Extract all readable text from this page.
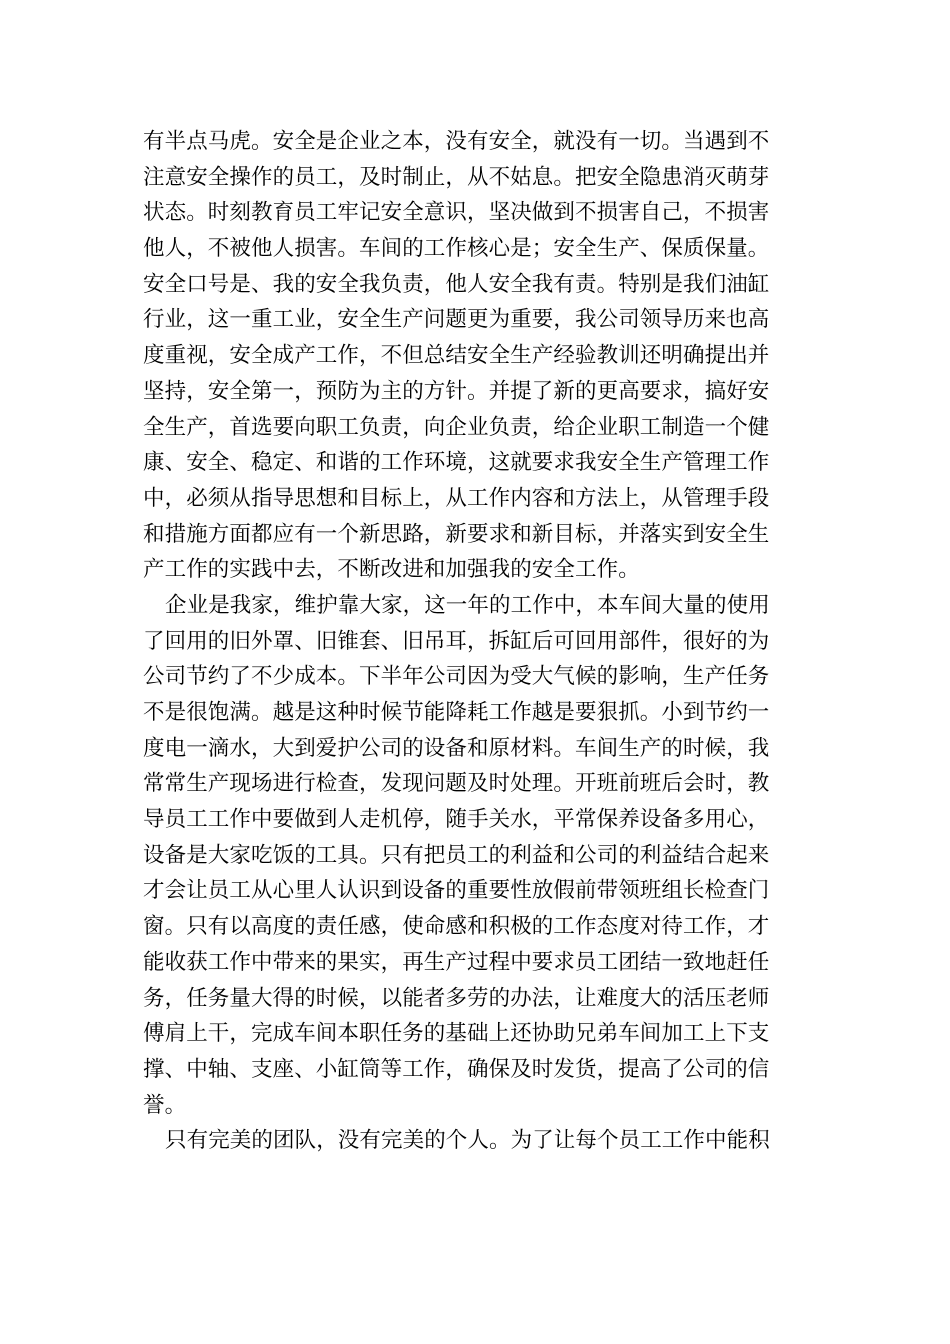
有半点马虎。安全是企业之本，没有安全，就没有一切。当遇到不
注意安全操作的员工，及时制止，从不姑息。把安全隐患消灭萌芽
状态。时刻教育员工牢记安全意识，坚决做到不损害自己，不损害
他人，不被他人损害。车间的工作核心是；安全生产、保质保量。
安全口号是、我的安全我负责，他人安全我有责。特别是我们油缸
行业，这一重工业，安全生产问题更为重要，我公司领导历来也高
度重视，安全成产工作，不但总结安全生产经验教训还明确提出并
坚持，安全第一，预防为主的方针。并提了新的更高要求，搞好安
全生产，首选要向职工负责，向企业负责，给企业职工制造一个健
康、安全、稳定、和谐的工作环境，这就要求我安全生产管理工作
中，必须从指导思想和目标上，从工作内容和方法上，从管理手段
和措施方面都应有一个新思路，新要求和新目标，并落实到安全生
产工作的实践中去，不断改进和加强我的安全工作。
企业是我家，维护靠大家，这一年的工作中，本车间大量的使用
了回用的旧外罩、旧锥套、旧吊耳，拆缸后可回用部件，很好的为
公司节约了不少成本。下半年公司因为受大气候的影响，生产任务
不是很饱满。越是这种时候节能降耗工作越是要狠抓。小到节约一
度电一滴水，大到爱护公司的设备和原材料。车间生产的时候，我
常常生产现场进行检查，发现问题及时处理。开班前班后会时，教
导员工工作中要做到人走机停，随手关水，平常保养设备多用心，
设备是大家吃饭的工具。只有把员工的利益和公司的利益结合起来
才会让员工从心里人认识到设备的重要性放假前带领班组长检查门
窗。只有以高度的责任感，使命感和积极的工作态度对待工作，才
能收获工作中带来的果实，再生产过程中要求员工团结一致地赶任
务，任务量大得的时候，以能者多劳的办法，让难度大的活压老师
傅肩上干，完成车间本职任务的基础上还协助兄弟车间加工上下支
撑、中轴、支座、小缸筒等工作，确保及时发货，提高了公司的信
誉。
只有完美的团队，没有完美的个人。为了让每个员工工作中能积
